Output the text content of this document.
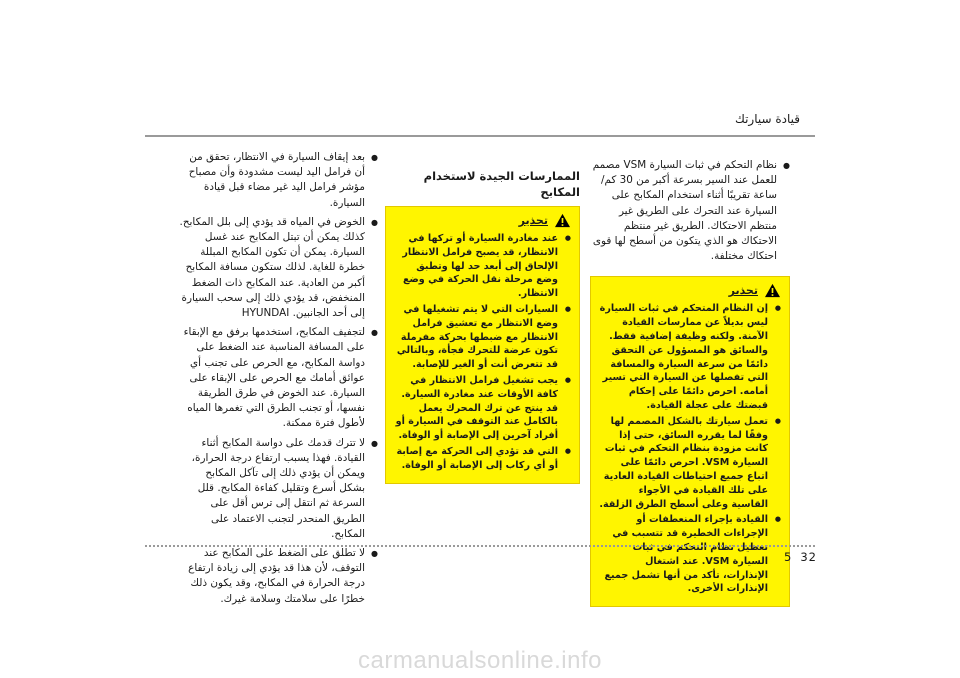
قيادة سيارتك
● نظام التحكم في ثبات السيارة VSM مصمم للعمل عند السير بسرعة أكبر من 30 كم/ ساعة تقريبًا أثناء استخدام المكابح على السيارة عند التحرك على الطريق غير منتظم الاحتكاك. الطريق غير منتظم الاحتكاك هو الذي يتكون من أسطح لها قوى احتكاك مختلفة.
تحذير
● إن النظام المتحكم في ثبات السيارة ليس بديلاً عن ممارسات القيادة الآمنة. ولكنه وظيفة إضافية فقط. والسائق هو المسؤول عن التحقق دائمًا من سرعة السيارة والمسافة التي تفصلها عن السيارة التي تسير أمامه. احرص دائمًا على إحكام قبضتك على عجلة القيادة.
● تعمل سيارتك بالشكل المصمم لها وفقًا لما يقرره السائق، حتى إذا كانت مزودة بنظام التحكم في ثبات السيارة VSM. احرص دائمًا على اتباع جميع احتياطات القيادة العادية على تلك القيادة في الأجواء القاسية وعلى أسطح الطرق الزلقة.
● القيادة بإجراء المنعطفات أو الإجراءات الخطيرة قد تتسبب في تعطيل نظام التحكم في ثبات السيارة VSM. عند اشتغال الإنذارات، تأكد من أنها تشمل جميع الإنذارات الأخرى.
الممارسات الجيدة لاستخدام المكابح
تحذير
● عند مغادرة السيارة أو تركها في الانتظار، قد يصبح فرامل الانتظار الإلحاق إلى أبعد حد لها وتطبق وضع مرحلة نقل الحركة في وضع الانتظار.
● السيارات التي لا يتم تشغيلها في وضع الانتظار مع تعشيق فرامل الانتظار مع ضبطها بحركة مفرملة تكون عرضة للتحرك فجأة، وبالتالي قد تتعرض أنت أو الغير للإصابة.
● يجب تشغيل فرامل الانتظار في كافة الأوقات عند مغادرة السيارة. قد ينتج عن ترك المحرك يعمل بالكامل عند التوقف في السيارة أو أفراد آخرين إلى الإصابة أو الوفاة.
● التي قد تؤدي إلى الحركة مع إصابة أو أي ركاب إلى الإصابة أو الوفاة.
● بعد إيقاف السيارة في الانتظار، تحقق من أن فرامل اليد ليست مشدودة وأن مصباح مؤشر فرامل اليد غير مضاء قبل قيادة السيارة.
● الخوض في المياه قد يؤدي إلى بلل المكابح. كذلك يمكن أن تبتل المكابح عند غسل السيارة. يمكن أن تكون المكابح المبللة خطرة للغاية. لذلك ستكون مسافة المكابح أكبر من العادية. عند المكابح ذات الضغط المنخفض، قد يؤدي ذلك إلى سحب السيارة إلى أحد الجانبين. HYUNDAI
● لتجفيف المكابح، استخدمها برفق مع الإبقاء على المسافة المناسبة عند الضغط على دواسة المكابح، مع الحرص على تجنب أي عوائق أمامك مع الحرص على الإبقاء على السيارة. عند الخوض في طرق الطريقة نفسها، أو تجنب الطرق التي تغمرها المياه لأطول فترة ممكنة.
● لا تترك قدمك على دواسة المكابح أثناء القيادة. فهذا يسبب ارتفاع درجة الحرارة، ويمكن أن يؤدي ذلك إلى تآكل المكابح بشكل أسرع وتقليل كفاءة المكابح. قلل السرعة ثم انتقل إلى ترس أقل على الطريق المنحدر لتجنب الاعتماد على المكابح.
● لا تطلق على الضغط على المكابح عند التوقف، لأن هذا قد يؤدي إلى زيادة ارتفاع درجة الحرارة في المكابح، وقد يكون ذلك خطرًا على سلامتك وسلامة غيرك.
5 32
carmanualsonline.info
